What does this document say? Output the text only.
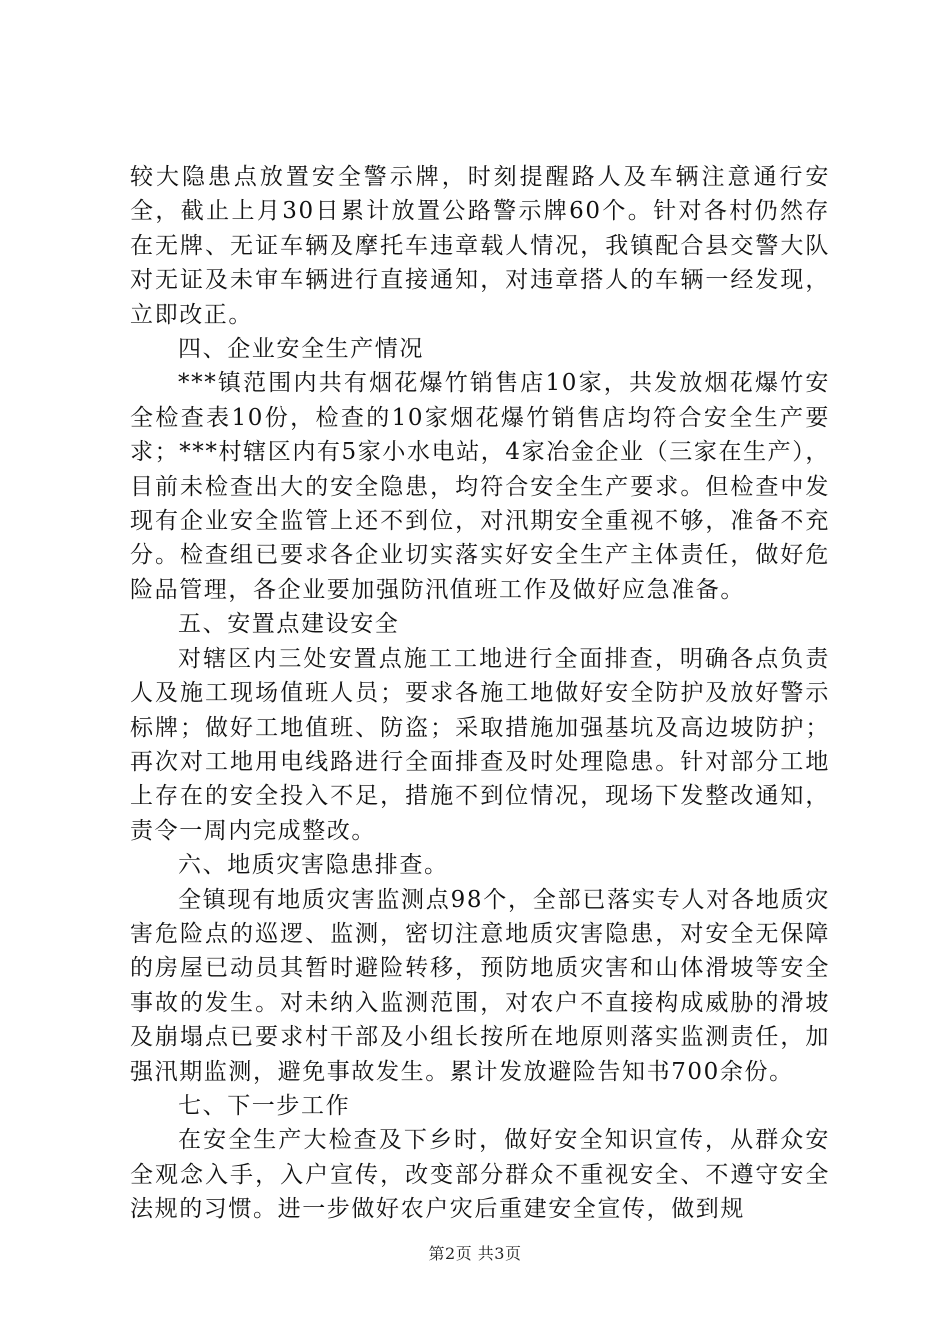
较大隐患点放置安全警示牌，时刻提醒路人及车辆注意通行安全，截止上月30日累计放置公路警示牌60个。针对各村仍然存在无牌、无证车辆及摩托车违章载人情况，我镇配合县交警大队对无证及未审车辆进行直接通知，对违章搭人的车辆一经发现，立即改正。

四、企业安全生产情况

***镇范围内共有烟花爆竹销售店10家，共发放烟花爆竹安全检查表10份，检查的10家烟花爆竹销售店均符合安全生产要求；***村辖区内有5家小水电站，4家冶金企业（三家在生产），目前未检查出大的安全隐患，均符合安全生产要求。但检查中发现有企业安全监管上还不到位，对汛期安全重视不够，准备不充分。检查组已要求各企业切实落实好安全生产主体责任，做好危险品管理，各企业要加强防汛值班工作及做好应急准备。

五、安置点建设安全

对辖区内三处安置点施工工地进行全面排查，明确各点负责人及施工现场值班人员；要求各施工地做好安全防护及放好警示标牌；做好工地值班、防盗；采取措施加强基坑及高边坡防护；再次对工地用电线路进行全面排查及时处理隐患。针对部分工地上存在的安全投入不足，措施不到位情况，现场下发整改通知，责令一周内完成整改。

六、地质灾害隐患排查。

全镇现有地质灾害监测点98个，全部已落实专人对各地质灾害危险点的巡逻、监测，密切注意地质灾害隐患，对安全无保障的房屋已动员其暂时避险转移，预防地质灾害和山体滑坡等安全事故的发生。对未纳入监测范围，对农户不直接构成威胁的滑坡及崩塌点已要求村干部及小组长按所在地原则落实监测责任，加强汛期监测，避免事故发生。累计发放避险告知书700余份。

七、下一步工作

在安全生产大检查及下乡时，做好安全知识宣传，从群众安全观念入手，入户宣传，改变部分群众不重视安全、不遵守安全法规的习惯。进一步做好农户灾后重建安全宣传，做到规

第2页 共3页
